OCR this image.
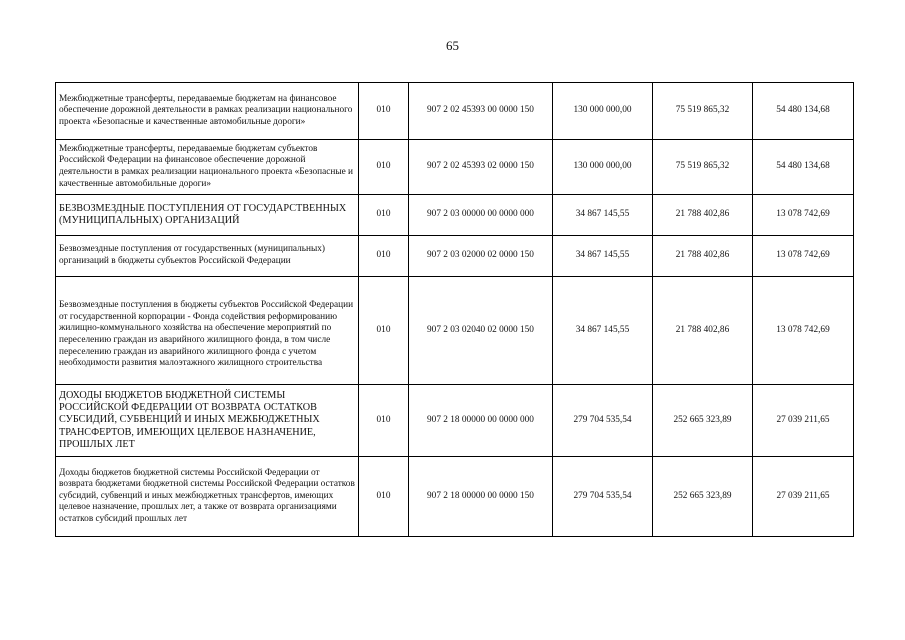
65
Межбюджетные трансферты, передаваемые бюджетам на финансовое обеспечение дорожной деятельности в рамках реализации национального проекта «Безопасные и качественные автомобильные дороги»	010	907 2 02 45393 00 0000 150	130 000 000,00	75 519 865,32	54 480 134,68
Межбюджетные трансферты, передаваемые бюджетам субъектов Российской Федерации на финансовое обеспечение дорожной деятельности в рамках реализации национального проекта «Безопасные и качественные автомобильные дороги»	010	907 2 02 45393 02 0000 150	130 000 000,00	75 519 865,32	54 480 134,68
БЕЗВОЗМЕЗДНЫЕ ПОСТУПЛЕНИЯ ОТ ГОСУДАРСТВЕННЫХ (МУНИЦИПАЛЬНЫХ) ОРГАНИЗАЦИЙ	010	907 2 03 00000 00 0000 000	34 867 145,55	21 788 402,86	13 078 742,69
Безвозмездные поступления от государственных (муниципальных) организаций в бюджеты субъектов Российской Федерации	010	907 2 03 02000 02 0000 150	34 867 145,55	21 788 402,86	13 078 742,69
Безвозмездные поступления в бюджеты субъектов Российской Федерации от государственной корпорации - Фонда содействия реформированию жилищно-коммунального хозяйства на обеспечение мероприятий по переселению граждан из аварийного жилищного фонда, в том числе переселению граждан из аварийного жилищного фонда с учетом необходимости развития малоэтажного жилищного строительства	010	907 2 03 02040 02 0000 150	34 867 145,55	21 788 402,86	13 078 742,69
ДОХОДЫ БЮДЖЕТОВ БЮДЖЕТНОЙ СИСТЕМЫ РОССИЙСКОЙ ФЕДЕРАЦИИ ОТ ВОЗВРАТА ОСТАТКОВ СУБСИДИЙ, СУБВЕНЦИЙ И ИНЫХ МЕЖБЮДЖЕТНЫХ ТРАНСФЕРТОВ, ИМЕЮЩИХ ЦЕЛЕВОЕ НАЗНАЧЕНИЕ, ПРОШЛЫХ ЛЕТ	010	907 2 18 00000 00 0000 000	279 704 535,54	252 665 323,89	27 039 211,65
Доходы бюджетов бюджетной системы Российской Федерации от возврата бюджетами бюджетной системы Российской Федерации остатков субсидий, субвенций и иных межбюджетных трансфертов, имеющих целевое назначение, прошлых лет, а также от возврата организациями остатков субсидий прошлых лет	010	907 2 18 00000 00 0000 150	279 704 535,54	252 665 323,89	27 039 211,65
